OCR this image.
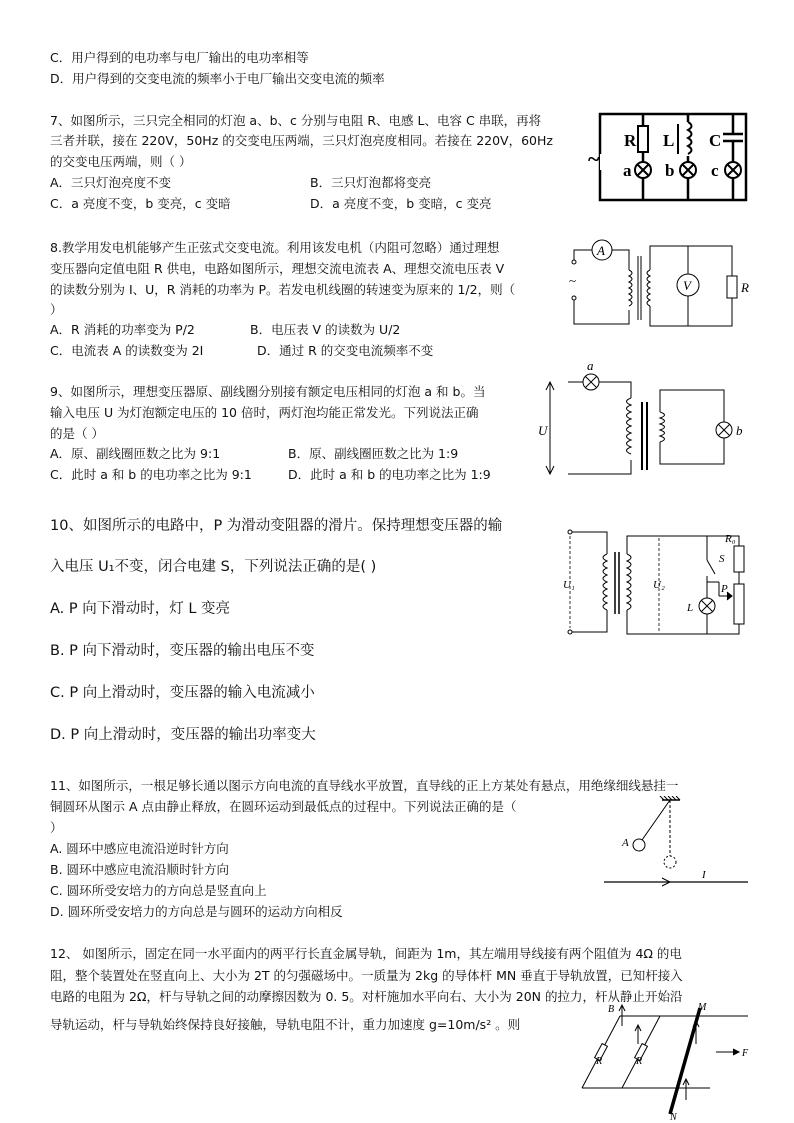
C．用户得到的电功率与电厂输出的电功率相等
D．用户得到的交变电流的频率小于电厂输出交变电流的频率
7、如图所示，三只完全相同的灯泡 a、b、c 分别与电阻 R、电感 L、电容 C 串联，再将
三者并联，接在 220V，50Hz 的交变电压两端，三只灯泡亮度相同。若接在 220V，60Hz
的交变电压两端，则（ ）
A．三只灯泡亮度不变	B．三只灯泡都将变亮
C．a 亮度不变，b 变亮，c 变暗	D．a 亮度不变，b 变暗，c 变亮
R L C
a b c
~
8.教学用发电机能够产生正弦式交变电流。利用该发电机（内阻可忽略）通过理想
变压器向定值电阻 R 供电，电路如图所示，理想交流电流表 A、理想交流电压表 V
的读数分别为 I、U，R 消耗的功率为 P。若发电机线圈的转速变为原来的 1/2，则（
）
A．R 消耗的功率变为 P/2	B．电压表 V 的读数为 U/2
C．电流表 A 的读数变为 2I	D．通过 R 的交变电流频率不变
A
V	R
~
9、如图所示，理想变压器原、副线圈分别接有额定电压相同的灯泡 a 和 b。当
输入电压 U 为灯泡额定电压的 10 倍时，两灯泡均能正常发光。下列说法正确
的是（ ）
A．原、副线圈匝数之比为 9:1	B．原、副线圈匝数之比为 1:9
C．此时 a 和 b 的电功率之比为 9:1	D．此时 a 和 b 的电功率之比为 1:9
a
b
U
10、如图所示的电路中，P 为滑动变阻器的滑片。保持理想变压器的输
入电压 U₁不变，闭合电建 S，下列说法正确的是( )
A. P 向下滑动时，灯 L 变亮
B. P 向下滑动时，变压器的输出电压不变
C. P 向上滑动时，变压器的输入电流减小
D. P 向上滑动时，变压器的输出功率变大
U₁	U₂
S
R₀
P
L
11、如图所示，一根足够长通以图示方向电流的直导线水平放置，直导线的正上方某处有悬点，用绝缘细线悬挂一
铜圆环从图示 A 点由静止释放，在圆环运动到最低点的过程中。下列说法正确的是（
）
A. 圆环中感应电流沿逆时针方向
B. 圆环中感应电流沿顺时针方向
C. 圆环所受安培力的方向总是竖直向上
D. 圆环所受安培力的方向总是与圆环的运动方向相反
A
I
12、 如图所示，固定在同一水平面内的两平行长直金属导轨，间距为 1m，其左端用导线接有两个阻值为 4Ω 的电
阻，整个装置处在竖直向上、大小为 2T 的匀强磁场中。一质量为 2kg 的导体杆 MN 垂直于导轨放置，已知杆接入
电路的电阻为 2Ω，杆与导轨之间的动摩擦因数为 0. 5。对杆施加水平向右、大小为 20N 的拉力，杆从静止开始沿
导轨运动，杆与导轨始终保持良好接触，导轨电阻不计，重力加速度 g=10m/s² 。则
B
R	R
M
N
F
